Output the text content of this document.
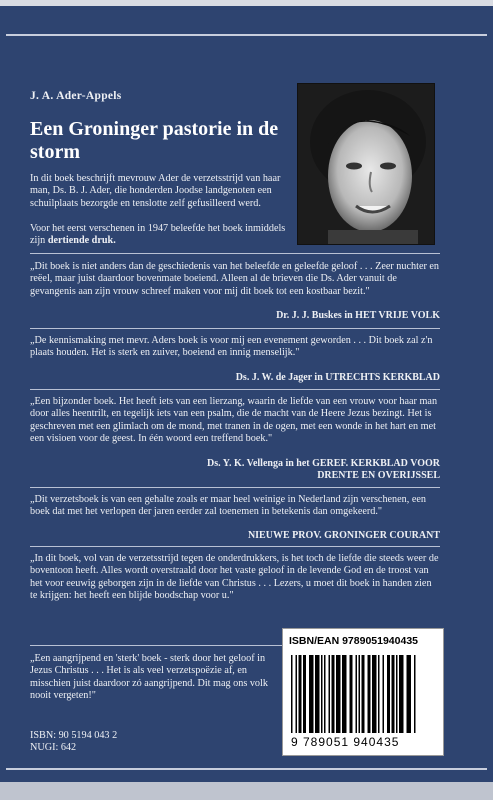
J. A. Ader-Appels
Een Groninger pastorie in de storm

In dit boek beschrijft mevrouw Ader de verzetsstrijd van haar man, Ds. B. J. Ader, die honderden Joodse landgenoten een schuilplaats bezorgde en tenslotte zelf gefusilleerd werd.

Voor het eerst verschenen in 1947 beleefde het boek inmiddels zijn dertiende druk.

„Dit boek is niet anders dan de geschiedenis van het beleefde en geleefde geloof . . . Zeer nuchter en reëel, maar juist daardoor bovenmate boeiend. Alleen al de brieven die Ds. Ader vanuit de gevangenis aan zijn vrouw schreef maken voor mij dit boek tot een kostbaar bezit."
Dr. J. J. Buskes in HET VRIJE VOLK
„De kennismaking met mevr. Aders boek is voor mij een evenement geworden . . . Dit boek zal z'n plaats houden. Het is sterk en zuiver, boeiend en innig menselijk."
Ds. J. W. de Jager in UTRECHTS KERKBLAD
„Een bijzonder boek. Het heeft iets van een lierzang, waarin de liefde van een vrouw voor haar man door alles heentrilt, en tegelijk iets van een psalm, die de macht van de Heere Jezus bezingt. Het is geschreven met een glimlach om de mond, met tranen in de ogen, met een wonde in het hart en met een visioen voor de geest. In één woord een treffend boek."
Ds. Y. K. Vellenga in het GEREF. KERKBLAD VOOR DRENTE EN OVERIJSSEL
„Dit verzetsboek is van een gehalte zoals er maar heel weinige in Nederland zijn verschenen, een boek dat met het verlopen der jaren eerder zal toenemen in betekenis dan omgekeerd."
NIEUWE PROV. GRONINGER COURANT
„In dit boek, vol van de verzetsstrijd tegen de onderdrukkers, is het toch de liefde die steeds weer de boventoon heeft. Alles wordt overstraald door het vaste geloof in de levende God en de troost van het voor eeuwig geborgen zijn in de liefde van Christus . . . Lezers, u moet dit boek in handen zien te krijgen: het heeft een blijde boodschap voor u."
„Een aangrijpend en 'sterk' boek - sterk door het geloof in Jezus Christus . . . Het is als veel verzetspoëzie af, en misschien juist daardoor zó aangrijpend. Dit mag ons volk nooit vergeten!"
ISBN: 90 5194 043 2
NUGI: 642
ISBN/EAN 9789051940435
9 789051 940435
